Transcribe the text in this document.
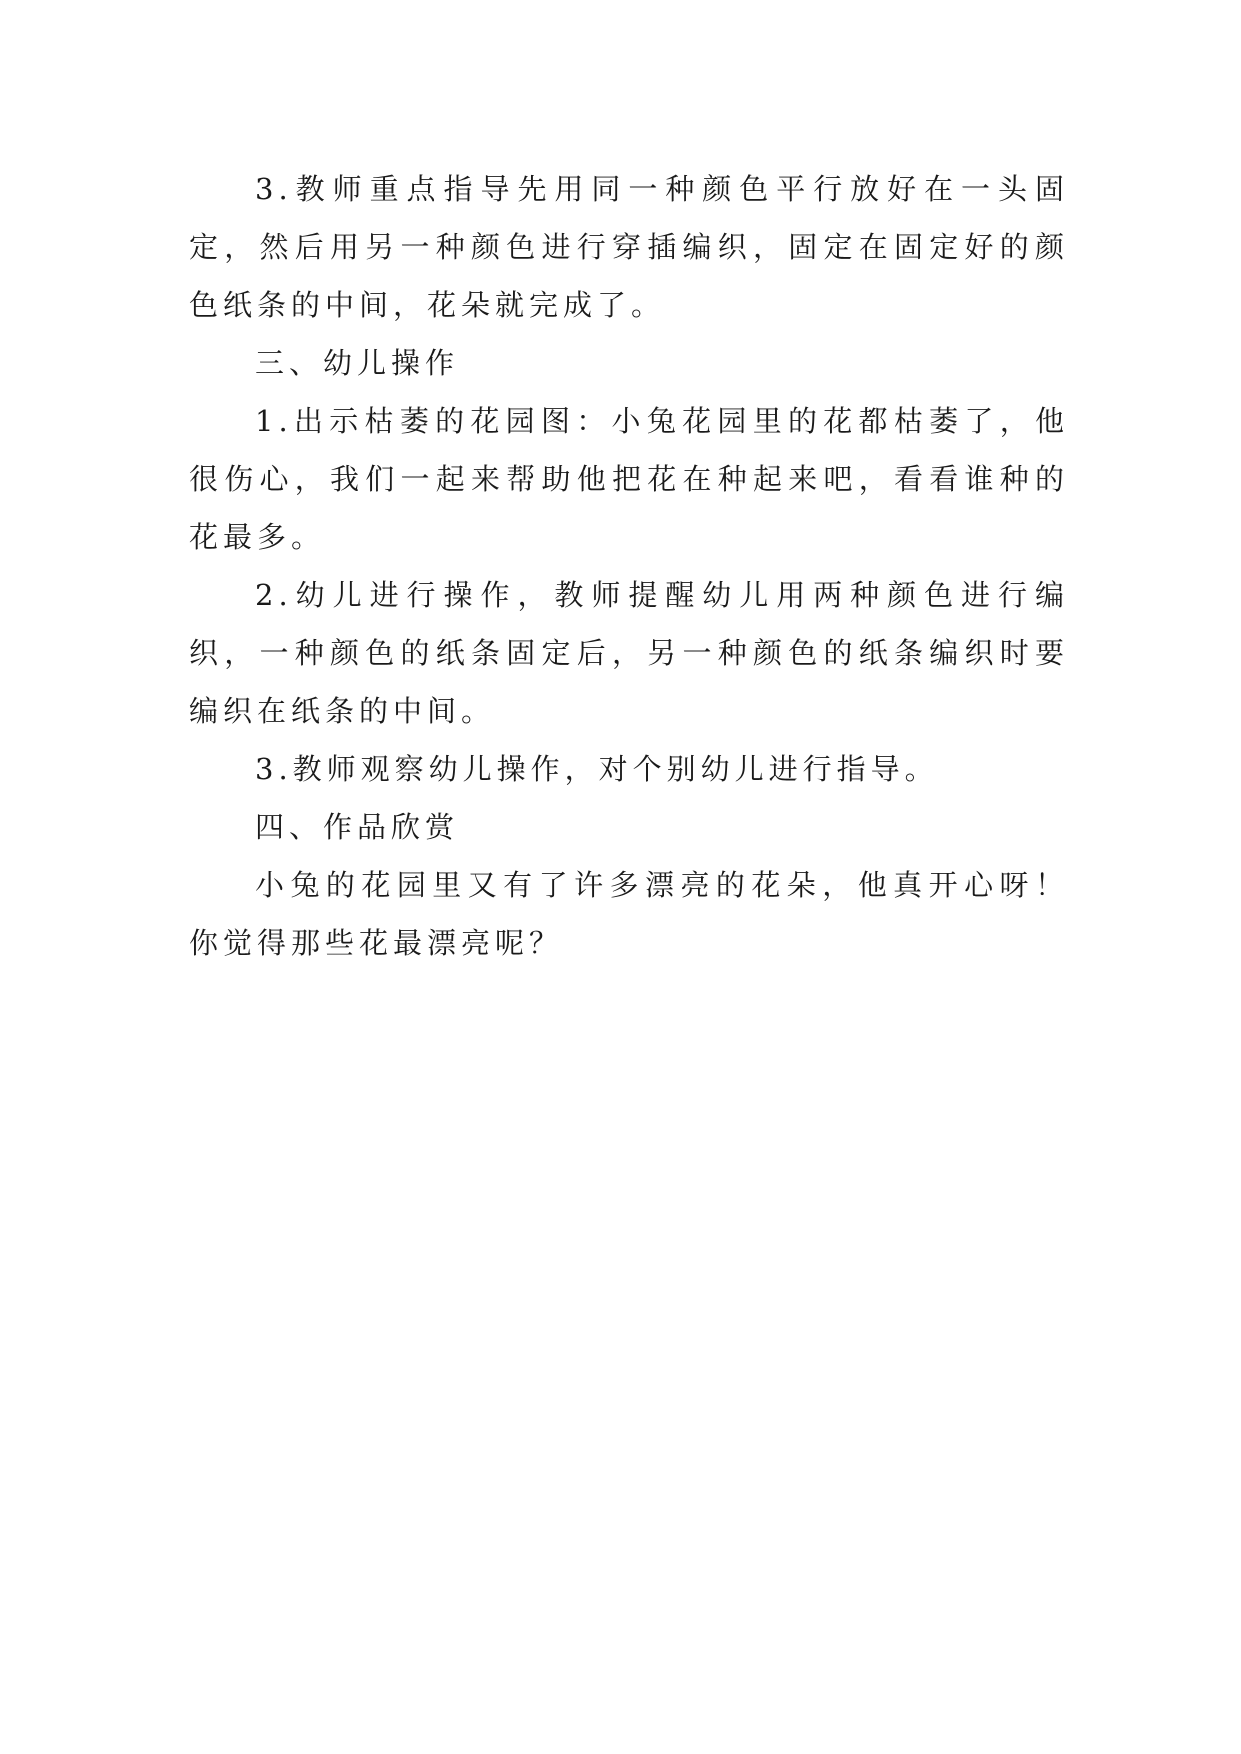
3.教师重点指导先用同一种颜色平行放好在一头固定，然后用另一种颜色进行穿插编织，固定在固定好的颜色纸条的中间，花朵就完成了。

三、幼儿操作

1.出示枯萎的花园图：小兔花园里的花都枯萎了，他很伤心，我们一起来帮助他把花在种起来吧，看看谁种的花最多。

2.幼儿进行操作，教师提醒幼儿用两种颜色进行编织，一种颜色的纸条固定后，另一种颜色的纸条编织时要编织在纸条的中间。

3.教师观察幼儿操作，对个别幼儿进行指导。

四、作品欣赏

小兔的花园里又有了许多漂亮的花朵，他真开心呀！你觉得那些花最漂亮呢？
